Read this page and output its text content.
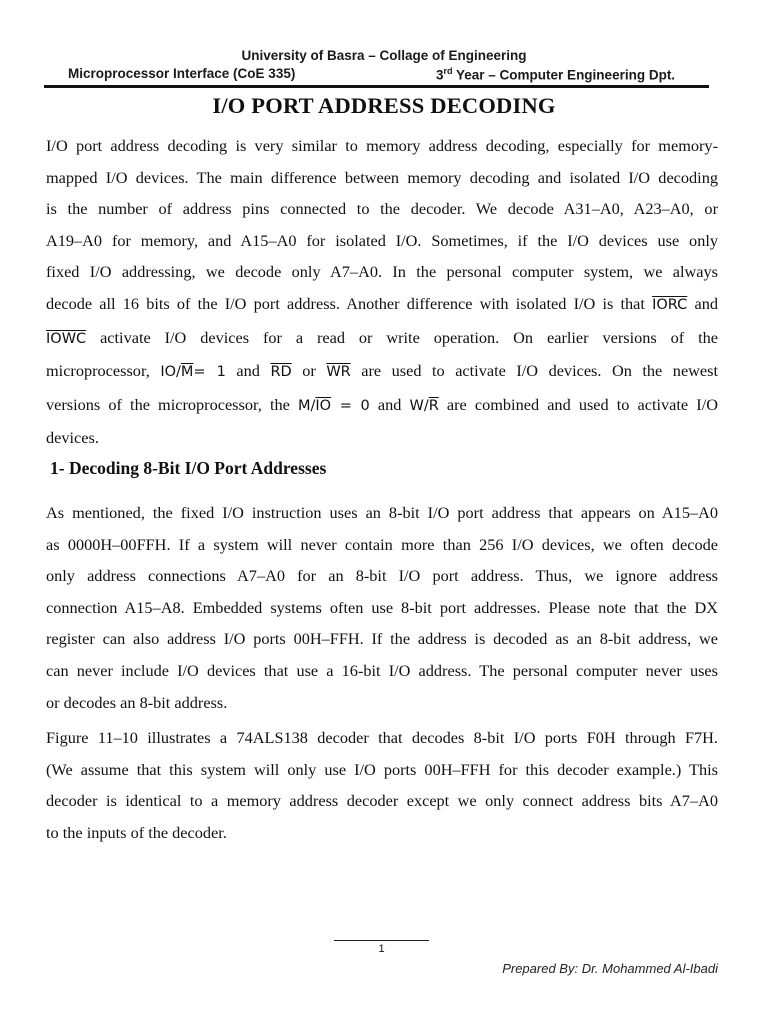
University of Basra – Collage of Engineering
Microprocessor Interface (CoE 335)	3rd Year – Computer Engineering Dpt.
I/O PORT ADDRESS DECODING
I/O port address decoding is very similar to memory address decoding, especially for memory-
mapped I/O devices. The main difference between memory decoding and isolated I/O decoding
is the number of address pins connected to the decoder. We decode A31–A0, A23–A0, or
A19–A0 for memory, and A15–A0 for isolated I/O. Sometimes, if the I/O devices use only
fixed I/O addressing, we decode only A7–A0. In the personal computer system, we always
decode all 16 bits of the I/O port address. Another difference with isolated I/O is that IORC and
IOWC activate I/O devices for a read or write operation. On earlier versions of the
microprocessor, $IO/\overline{M}= 1$ and $\overline{RD}$ or $\overline{WR}$ are used to activate I/O devices. On the newest
versions of the microprocessor, the $M/\overline{IO} = 0$ and $W/\overline{R}$ are combined and used to activate I/O
devices.
1- Decoding 8-Bit I/O Port Addresses
As mentioned, the fixed I/O instruction uses an 8-bit I/O port address that appears on A15–A0
as 0000H–00FFH. If a system will never contain more than 256 I/O devices, we often decode
only address connections A7–A0 for an 8-bit I/O port address. Thus, we ignore address
connection A15–A8. Embedded systems often use 8-bit port addresses. Please note that the DX
register can also address I/O ports 00H–FFH. If the address is decoded as an 8-bit address, we
can never include I/O devices that use a 16-bit I/O address. The personal computer never uses
or decodes an 8-bit address.
Figure 11–10 illustrates a 74ALS138 decoder that decodes 8-bit I/O ports F0H through F7H.
(We assume that this system will only use I/O ports 00H–FFH for this decoder example.) This
decoder is identical to a memory address decoder except we only connect address bits A7–A0
to the inputs of the decoder.
1
Prepared By: Dr. Mohammed Al-Ibadi
